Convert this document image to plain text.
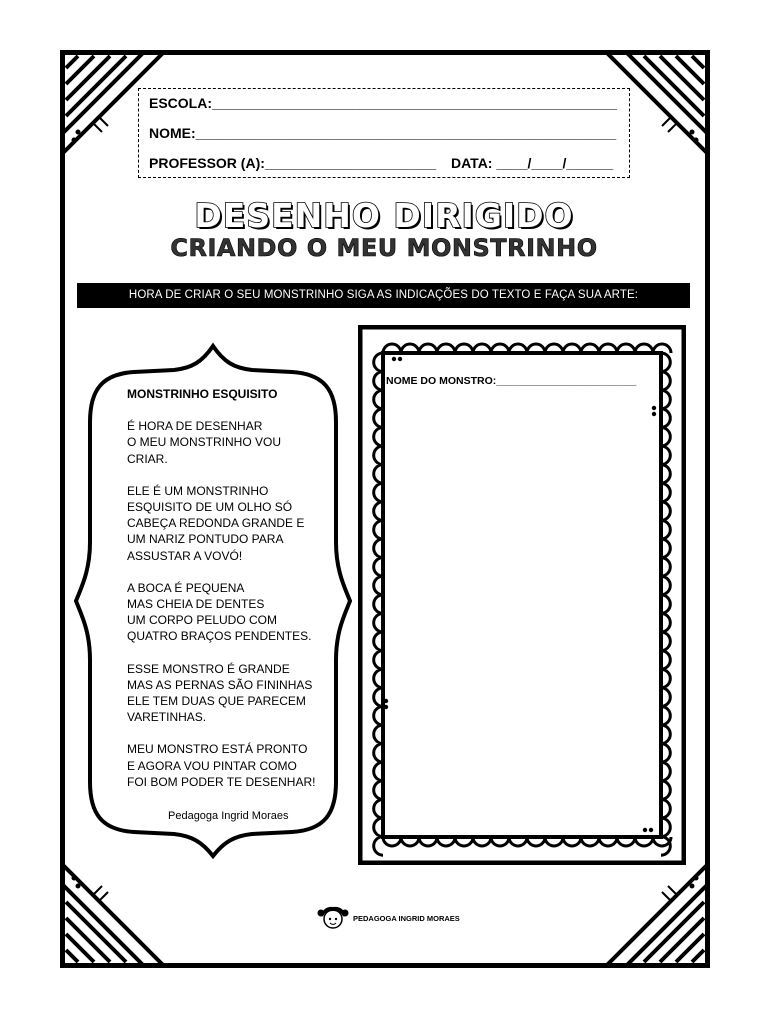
ESCOLA:____________________________________________________
NOME:______________________________________________________
PROFESSOR (A):______________________ DATA: ____/____/______
DESENHO DIRIGIDO
CRIANDO O MEU MONSTRINHO
HORA DE CRIAR O SEU MONSTRINHO SIGA AS INDICAÇÕES DO TEXTO E FAÇA SUA ARTE:
MONSTRINHO ESQUISITO
É HORA DE DESENHAR
O MEU MONSTRINHO VOU
CRIAR.
ELE É UM MONSTRINHO
ESQUISITO DE UM OLHO SÓ
CABEÇA REDONDA GRANDE E
UM NARIZ PONTUDO PARA
ASSUSTAR A VOVÓ!
A BOCA É PEQUENA
MAS CHEIA DE DENTES
UM CORPO PELUDO COM
QUATRO BRAÇOS PENDENTES.
ESSE MONSTRO É GRANDE
MAS AS PERNAS SÃO FININHAS
ELE TEM DUAS QUE PARECEM
VARETINHAS.
MEU MONSTRO ESTÁ PRONTO
E AGORA VOU PINTAR COMO
FOI BOM PODER TE DESENHAR!
Pedagoga Ingrid Moraes
NOME DO MONSTRO:________________________
PEDAGOGA INGRID MORAES
